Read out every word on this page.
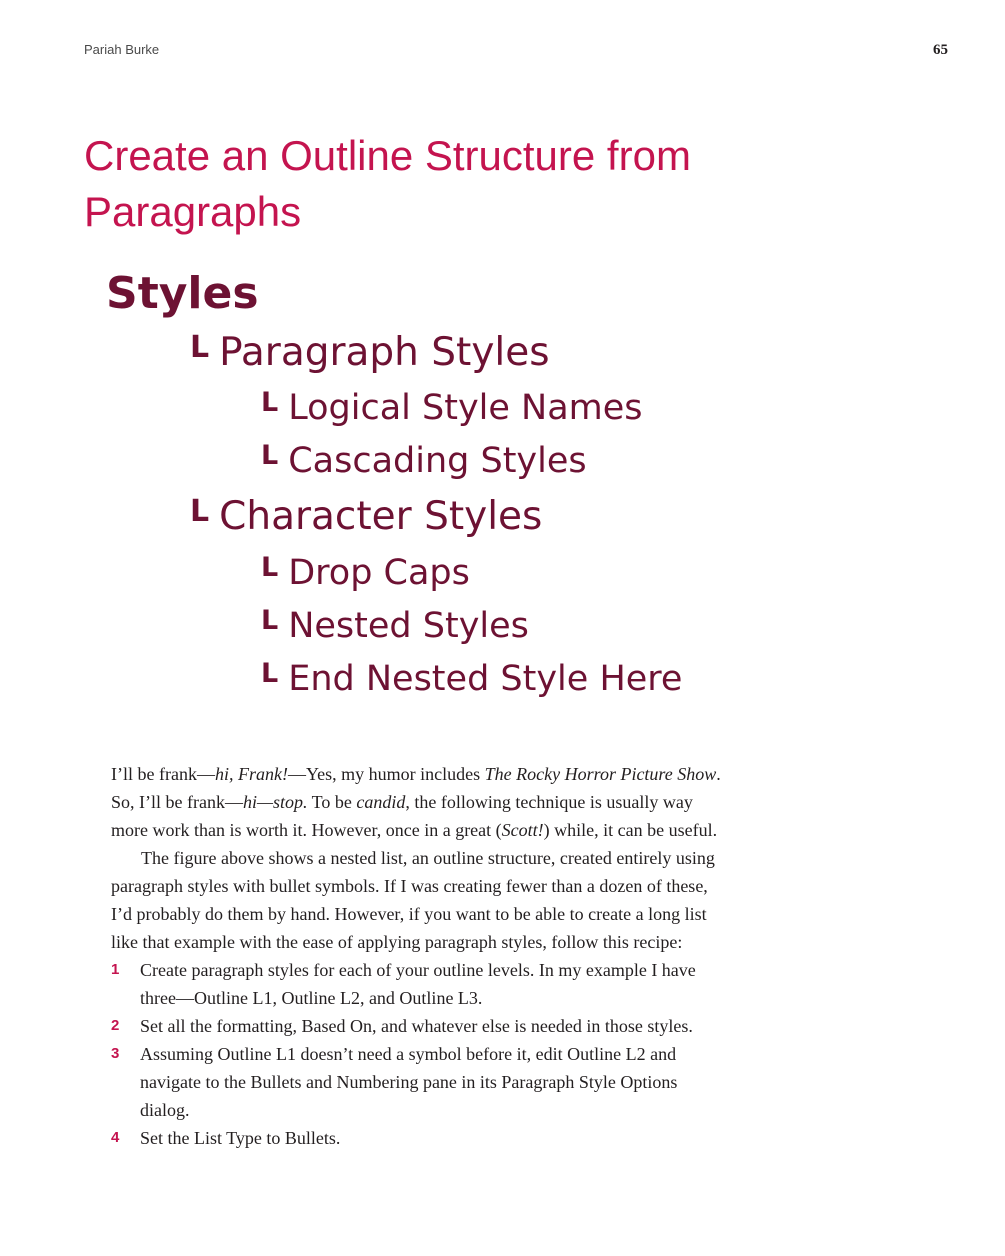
Pariah Burke	65
Create an Outline Structure from
Paragraphs
Styles
L Paragraph Styles
L Logical Style Names
L Cascading Styles
L Character Styles
L Drop Caps
L Nested Styles
L End Nested Style Here

I’ll be frank—hi, Frank!—Yes, my humor includes The Rocky Horror Picture Show. So, I’ll be frank—hi—stop. To be candid, the following technique is usually way more work than is worth it. However, once in a great (Scott!) while, it can be useful.

The figure above shows a nested list, an outline structure, created entirely using paragraph styles with bullet symbols. If I was creating fewer than a dozen of these, I’d probably do them by hand. However, if you want to be able to create a long list like that example with the ease of applying paragraph styles, follow this recipe:

1 Create paragraph styles for each of your outline levels. In my example I have three—Outline L1, Outline L2, and Outline L3.
2 Set all the formatting, Based On, and whatever else is needed in those styles.
3 Assuming Outline L1 doesn’t need a symbol before it, edit Outline L2 and navigate to the Bullets and Numbering pane in its Paragraph Style Options dialog.
4 Set the List Type to Bullets.
